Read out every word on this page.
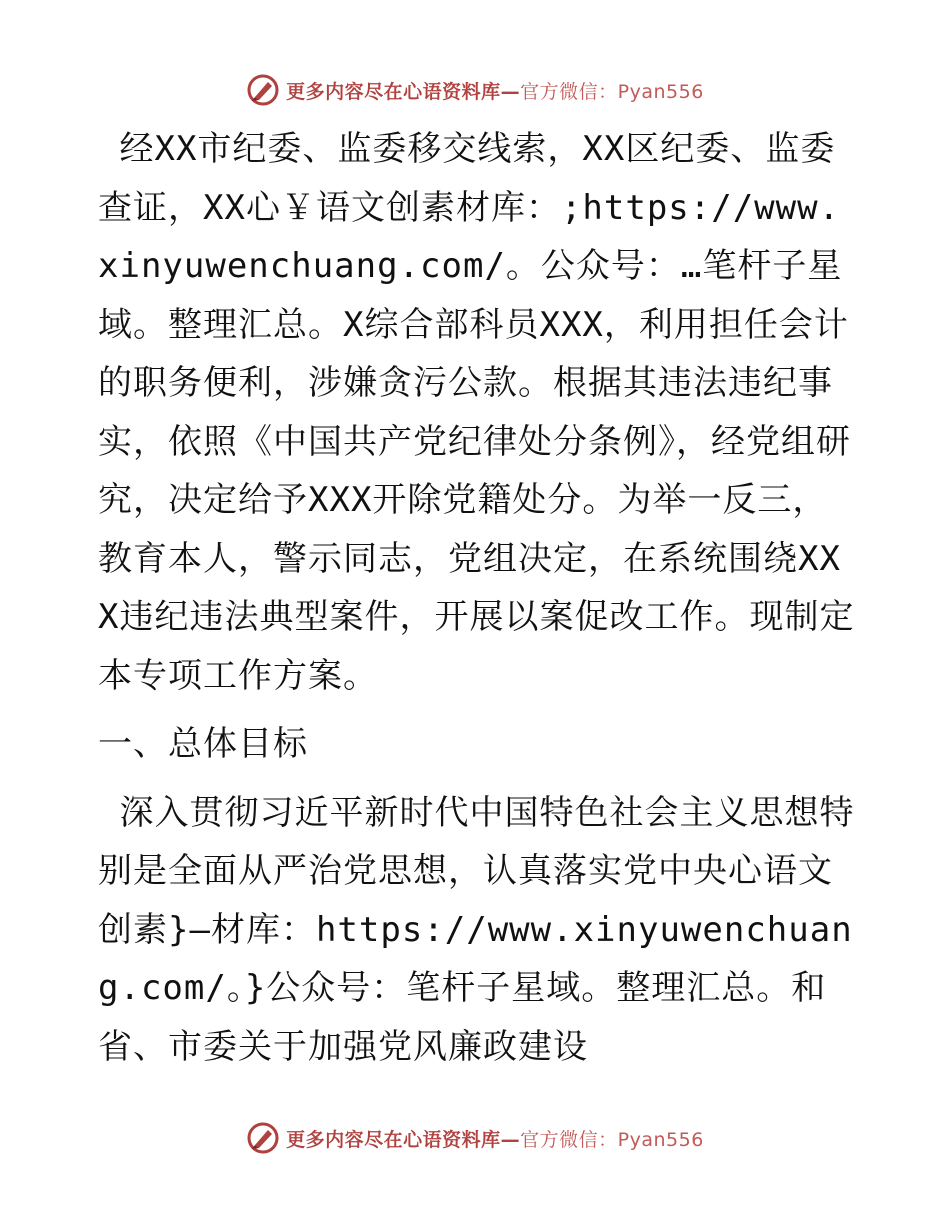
更多内容尽在心语资料库—官方微信：Pyan556

经XX市纪委、监委移交线索，XX区纪委、监委查证，XX心￥语文创素材库：;https://www.xinyuwenchuang.com/。公众号：…笔杆子星域。整理汇总。X综合部科员XXX，利用担任会计的职务便利，涉嫌贪污公款。根据其违法违纪事实，依照《中国共产党纪律处分条例》，经党组研究，决定给予XXX开除党籍处分。为举一反三，教育本人，警示同志，党组决定，在系统围绕XXX违纪违法典型案件，开展以案促改工作。现制定本专项工作方案。

一、总体目标

深入贯彻习近平新时代中国特色社会主义思想特别是全面从严治党思想，认真落实党中央心语文创素}—材库：https://www.xinyuwenchuang.com/。}公众号：笔杆子星域。整理汇总。和省、市委关于加强党风廉政建设

更多内容尽在心语资料库—官方微信：Pyan556
